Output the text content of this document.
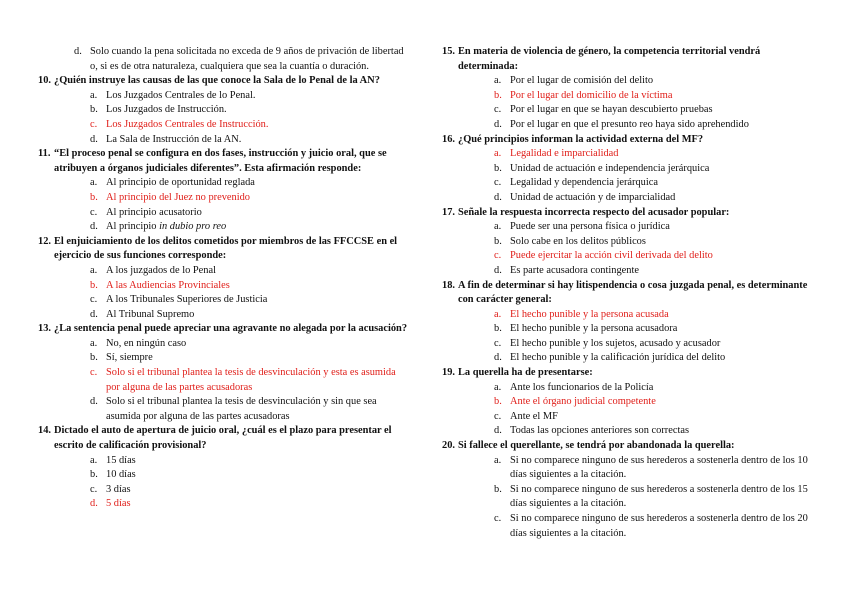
d. Solo cuando la pena solicitada no exceda de 9 años de privación de libertad o, si es de otra naturaleza, cualquiera que sea la cuantía o duración.
10. ¿Quién instruye las causas de las que conoce la Sala de lo Penal de la AN?
a. Los Juzgados Centrales de lo Penal.
b. Los Juzgados de Instrucción.
c. Los Juzgados Centrales de Instrucción.
d. La Sala de Instrucción de la AN.
11. “El proceso penal se configura en dos fases, instrucción y juicio oral, que se atribuyen a órganos judiciales diferentes”. Esta afirmación responde:
a. Al principio de oportunidad reglada
b. Al principio del Juez no prevenido
c. Al principio acusatorio
d. Al principio in dubio pro reo
12. El enjuiciamiento de los delitos cometidos por miembros de las FFCCSE en el ejercicio de sus funciones corresponde:
a. A los juzgados de lo Penal
b. A las Audiencias Provinciales
c. A los Tribunales Superiores de Justicia
d. Al Tribunal Supremo
13. ¿La sentencia penal puede apreciar una agravante no alegada por la acusación?
a. No, en ningún caso
b. Sí, siempre
c. Solo si el tribunal plantea la tesis de desvinculación y esta es asumida por alguna de las partes acusadoras
d. Solo si el tribunal plantea la tesis de desvinculación y sin que sea asumida por alguna de las partes acusadoras
14. Dictado el auto de apertura de juicio oral, ¿cuál es el plazo para presentar el escrito de calificación provisional?
a. 15 días
b. 10 días
c. 3 días
d. 5 días
15. En materia de violencia de género, la competencia territorial vendrá determinada:
a. Por el lugar de comisión del delito
b. Por el lugar del domicilio de la víctima
c. Por el lugar en que se hayan descubierto pruebas
d. Por el lugar en que el presunto reo haya sido aprehendido
16. ¿Qué principios informan la actividad externa del MF?
a. Legalidad e imparcialidad
b. Unidad de actuación e independencia jerárquica
c. Legalidad y dependencia jerárquica
d. Unidad de actuación y de imparcialidad
17. Señale la respuesta incorrecta respecto del acusador popular:
a. Puede ser una persona física o jurídica
b. Solo cabe en los delitos públicos
c. Puede ejercitar la acción civil derivada del delito
d. Es parte acusadora contingente
18. A fin de determinar si hay litispendencia o cosa juzgada penal, es determinante con carácter general:
a. El hecho punible y la persona acusada
b. El hecho punible y la persona acusadora
c. El hecho punible y los sujetos, acusado y acusador
d. El hecho punible y la calificación jurídica del delito
19. La querella ha de presentarse:
a. Ante los funcionarios de la Policía
b. Ante el órgano judicial competente
c. Ante el MF
d. Todas las opciones anteriores son correctas
20. Si fallece el querellante, se tendrá por abandonada la querella:
a. Si no comparece ninguno de sus herederos a sostenerla dentro de los 10 días siguientes a la citación.
b. Si no comparece ninguno de sus herederos a sostenerla dentro de los 15 días siguientes a la citación.
c. Si no comparece ninguno de sus herederos a sostenerla dentro de los 20 días siguientes a la citación.
